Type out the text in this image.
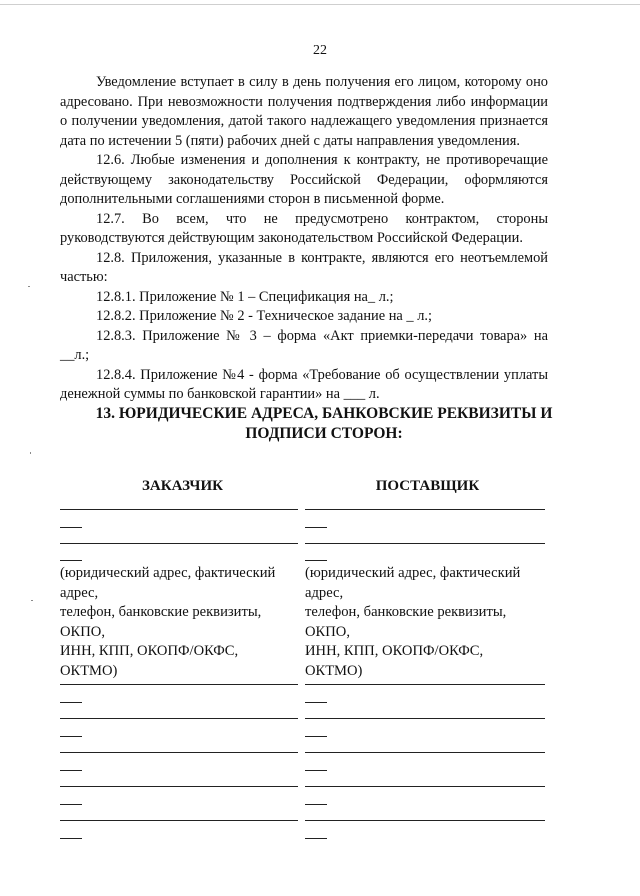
22

Уведомление вступает в силу в день получения его лицом, которому оно адресовано. При невозможности получения подтверждения либо информации о получении уведомления, датой такого надлежащего уведомления признается дата по истечении 5 (пяти) рабочих дней с даты направления уведомления.

12.6. Любые изменения и дополнения к контракту, не противоречащие действующему законодательству Российской Федерации, оформляются дополнительными соглашениями сторон в письменной форме.

12.7. Во всем, что не предусмотрено контрактом, стороны руководствуются действующим законодательством Российской Федерации.

12.8. Приложения, указанные в контракте, являются его неотъемлемой частью:

12.8.1. Приложение № 1 – Спецификация на_ л.;

12.8.2. Приложение № 2 - Техническое задание на _ л.;

12.8.3. Приложение № 3 – форма «Акт приемки-передачи товара» на __л.;

12.8.4. Приложение №4 - форма «Требование об осуществлении уплаты денежной суммы по банковской гарантии» на ___ л.

13. ЮРИДИЧЕСКИЕ АДРЕСА, БАНКОВСКИЕ РЕКВИЗИТЫ И
ПОДПИСИ СТОРОН:
ЗАКАЗЧИК	ПОСТАВЩИК
(юридический адрес, фактический
адрес,
телефон, банковские реквизиты,
ОКПО,
ИНН, КПП, ОКОПФ/ОКФС,
ОКТМО)
(юридический адрес, фактический
адрес,
телефон, банковские реквизиты,
ОКПО,
ИНН, КПП, ОКОПФ/ОКФС,
ОКТМО)
